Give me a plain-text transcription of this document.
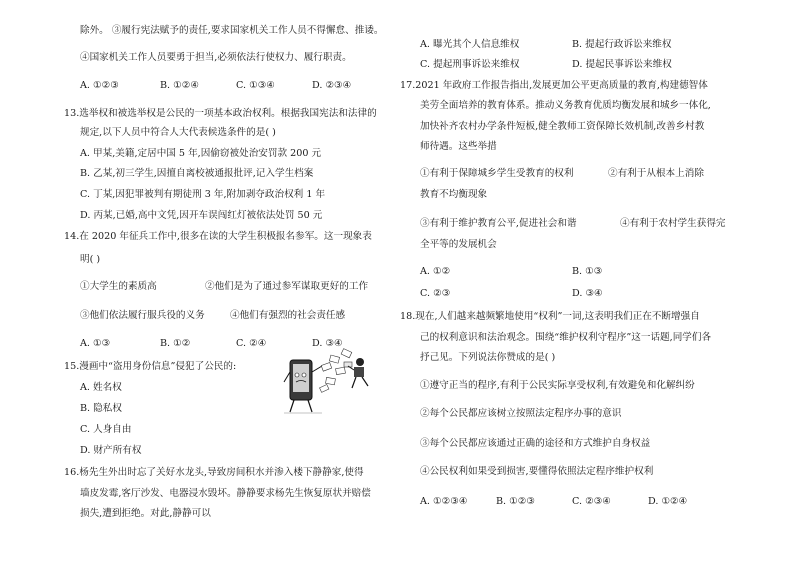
除外。 ③履行宪法赋予的责任,要求国家机关工作人员不得懈怠、推诿。
④国家机关工作人员要勇于担当,必须依法行使权力、履行职责。
A. ①②③	B. ①②④	C. ①③④	D. ②③④
13.选举权和被选举权是公民的一项基本政治权利。根据我国宪法和法律的
规定,以下人员中符合人大代表候选条件的是( )
A. 甲某,美籍,定居中国 5 年,因偷窃被处治安罚款 200 元
B. 乙某,初三学生,因擅自离校被通报批评,记入学生档案
C. 丁某,因犯罪被判有期徒刑 3 年,附加剥夺政治权利 1 年
D. 丙某,已婚,高中文凭,因开车误闯红灯被依法处罚 50 元
14.在 2020 年征兵工作中,很多在读的大学生积极报名参军。这一现象表
明( )
①大学生的素质高	②他们是为了通过参军谋取更好的工作
③他们依法履行服兵役的义务	④他们有强烈的社会责任感
A. ①③	B. ①②	C. ②④	D. ③④
15.漫画中“盗用身份信息”侵犯了公民的:
A. 姓名权
B. 隐私权
C. 人身自由
D. 财产所有权
16.杨先生外出时忘了关好水龙头,导致房间积水并渗入楼下静静家,使得
墙皮发霉,客厅沙发、电器浸水毁坏。静静要求杨先生恢复原状并赔偿
损失,遭到拒绝。对此,静静可以
A. 曝光其个人信息维权	B. 提起行政诉讼来维权
C. 提起刑事诉讼来维权	D. 提起民事诉讼来维权
17.2021 年政府工作报告指出,发展更加公平更高质量的教育,构建德智体
美劳全面培养的教育体系。推动义务教育优质均衡发展和城乡一体化,
加快补齐农村办学条件短板,健全教师工资保障长效机制,改善乡村教
师待遇。这些举措
①有利于保障城乡学生受教育的权利	②有利于从根本上消除
教育不均衡现象
③有利于维护教育公平,促进社会和谐	④有利于农村学生获得完
全平等的发展机会
A. ①②	B. ①③
C. ②③	D. ③④
18.现在,人们越来越频繁地使用“权利”一词,这表明我们正在不断增强自
己的权利意识和法治观念。围绕“维护权利守程序”这一话题,同学们各
抒己见。下列说法你赞成的是( )
①遵守正当的程序,有利于公民实际享受权利,有效避免和化解纠纷
②每个公民都应该树立按照法定程序办事的意识
③每个公民都应该通过正确的途径和方式维护自身权益
④公民权利如果受到损害,要懂得依照法定程序维护权利
A. ①②③④	B. ①②③	C. ②③④	D. ①②④
